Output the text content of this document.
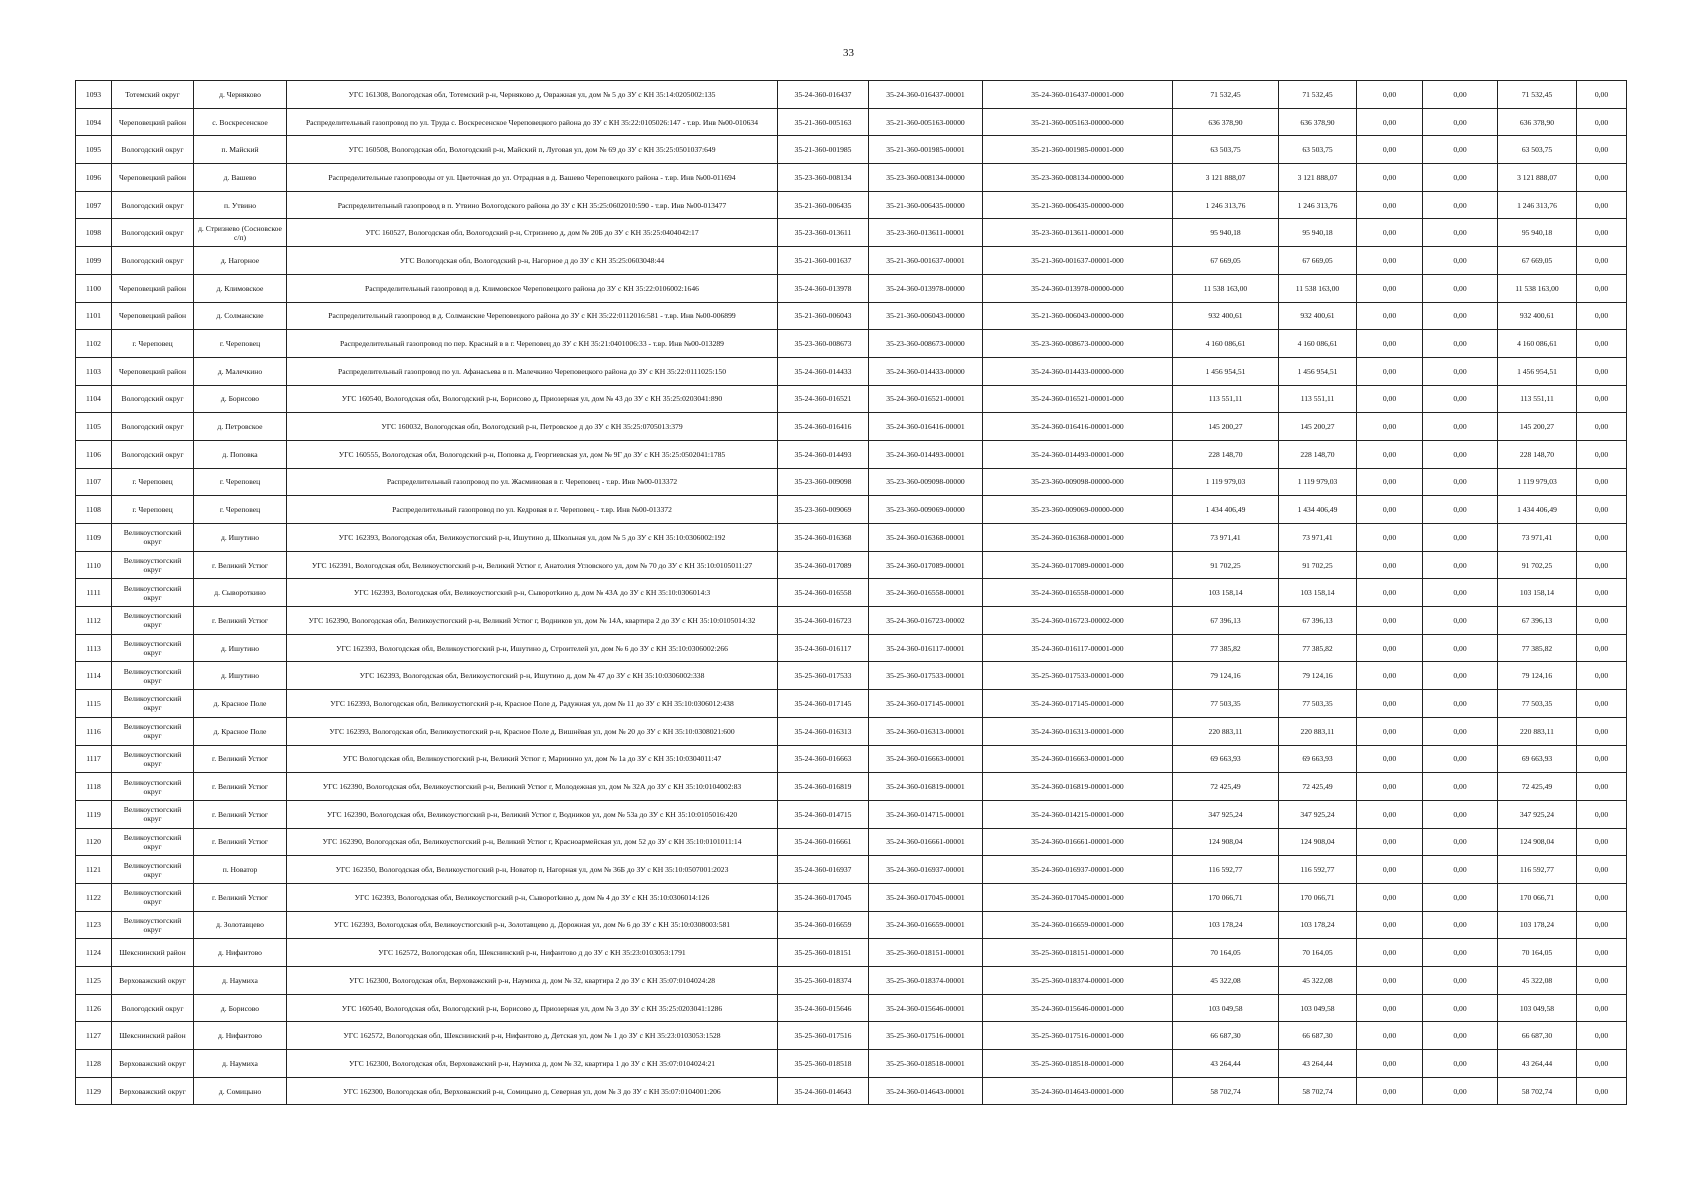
33
1093	Тотемский округ	д. Черняково	УГС 161308, Вологодская обл, Тотемский р-н, Черняково д, Овражная ул, дом № 5 до ЗУ с КН 35:14:0205002:135	35-24-360-016437	35-24-360-016437-00001	35-24-360-016437-00001-000	71 532,45	71 532,45	0,00	0,00	71 532,45	0,00
1094	Череповецкий район	с. Воскресенское	Распределительный газопровод по ул. Труда с. Воскресенское Череповецкого района до ЗУ с КН 35:22:0105026:147 - т.вр. Инв №00-010634	35-21-360-005163	35-21-360-005163-00000	35-21-360-005163-00000-000	636 378,90	636 378,90	0,00	0,00	636 378,90	0,00
1095	Вологодский округ	п. Майский	УГС 160508, Вологодская обл, Вологодский р-н, Майский п, Луговая ул, дом № 69 до ЗУ с КН 35:25:0501037:649	35-21-360-001985	35-21-360-001985-00001	35-21-360-001985-00001-000	63 503,75	63 503,75	0,00	0,00	63 503,75	0,00
1096	Череповецкий район	д. Вашево	Распределительные газопроводы от ул. Цветочная до ул. Отрадная в д. Вашево Череповецкого района - т.вр. Инв №00-011694	35-23-360-008134	35-23-360-008134-00000	35-23-360-008134-00000-000	3 121 888,07	3 121 888,07	0,00	0,00	3 121 888,07	0,00
1097	Вологодский округ	п. Утвино	Распределительный газопровод в п. Утвино Вологодского района до ЗУ с КН 35:25:0602010:590 - т.вр. Инв №00-013477	35-21-360-006435	35-21-360-006435-00000	35-21-360-006435-00000-000	1 246 313,76	1 246 313,76	0,00	0,00	1 246 313,76	0,00
1098	Вологодский округ	д. Стризнево (Сосновское с/п)	УГС 160527, Вологодская обл, Вологодский р-н, Стризнево д, дом № 20Б до ЗУ с КН 35:25:0404042:17	35-23-360-013611	35-23-360-013611-00001	35-23-360-013611-00001-000	95 940,18	95 940,18	0,00	0,00	95 940,18	0,00
1099	Вологодский округ	д. Нагорное	УГС Вологодская обл, Вологодский р-н, Нагорное д до ЗУ с КН 35:25:0603048:44	35-21-360-001637	35-21-360-001637-00001	35-21-360-001637-00001-000	67 669,05	67 669,05	0,00	0,00	67 669,05	0,00
1100	Череповецкий район	д. Климовское	Распределительный газопровод в д. Климовское Череповецкого района до ЗУ с КН 35:22:0106002:1646	35-24-360-013978	35-24-360-013978-00000	35-24-360-013978-00000-000	11 538 163,00	11 538 163,00	0,00	0,00	11 538 163,00	0,00
1101	Череповецкий район	д. Солманские	Распределительный газопровод в д. Солманские Череповецкого района до ЗУ с КН 35:22:0112016:581 - т.вр. Инв №00-006899	35-21-360-006043	35-21-360-006043-00000	35-21-360-006043-00000-000	932 400,61	932 400,61	0,00	0,00	932 400,61	0,00
1102	г. Череповец	г. Череповец	Распределительный газопровод по пер. Красный в в г. Череповец до ЗУ с КН 35:21:0401006:33 - т.вр. Инв №00-013289	35-23-360-008673	35-23-360-008673-00000	35-23-360-008673-00000-000	4 160 086,61	4 160 086,61	0,00	0,00	4 160 086,61	0,00
1103	Череповецкий район	д. Малечкино	Распределительный газопровод по ул. Афанасьева в п. Малечкино Череповецкого района до ЗУ с КН 35:22:0111025:150	35-24-360-014433	35-24-360-014433-00000	35-24-360-014433-00000-000	1 456 954,51	1 456 954,51	0,00	0,00	1 456 954,51	0,00
1104	Вологодский округ	д. Борисово	УГС 160540, Вологодская обл, Вологодский р-н, Борисово д, Приозерная ул, дом № 43 до ЗУ с КН 35:25:0203041:890	35-24-360-016521	35-24-360-016521-00001	35-24-360-016521-00001-000	113 551,11	113 551,11	0,00	0,00	113 551,11	0,00
1105	Вологодский округ	д. Петровское	УГС 160032, Вологодская обл, Вологодский р-н, Петровское д до ЗУ с КН 35:25:0705013:379	35-24-360-016416	35-24-360-016416-00001	35-24-360-016416-00001-000	145 200,27	145 200,27	0,00	0,00	145 200,27	0,00
1106	Вологодский округ	д. Поповка	УГС 160555, Вологодская обл, Вологодский р-н, Поповка д, Георгиевская ул, дом № 9Г до ЗУ с КН 35:25:0502041:1785	35-24-360-014493	35-24-360-014493-00001	35-24-360-014493-00001-000	228 148,70	228 148,70	0,00	0,00	228 148,70	0,00
1107	г. Череповец	г. Череповец	Распределительный газопровод по ул. Жасминовая в г. Череповец - т.вр. Инв №00-013372	35-23-360-009098	35-23-360-009098-00000	35-23-360-009098-00000-000	1 119 979,03	1 119 979,03	0,00	0,00	1 119 979,03	0,00
1108	г. Череповец	г. Череповец	Распределительный газопровод по ул. Кедровая в г. Череповец - т.вр. Инв №00-013372	35-23-360-009069	35-23-360-009069-00000	35-23-360-009069-00000-000	1 434 406,49	1 434 406,49	0,00	0,00	1 434 406,49	0,00
1109	Великоустюгский округ	д. Ишутино	УГС 162393, Вологодская обл, Великоустюгский р-н, Ишутино д, Школьная ул, дом № 5 до ЗУ с КН 35:10:0306002:192	35-24-360-016368	35-24-360-016368-00001	35-24-360-016368-00001-000	73 971,41	73 971,41	0,00	0,00	73 971,41	0,00
1110	Великоустюгский округ	г. Великий Устюг	УГС 162391, Вологодская обл, Великоустюгский р-н, Великий Устюг г, Анатолия Угловского ул, дом № 70 до ЗУ с КН 35:10:0105011:27	35-24-360-017089	35-24-360-017089-00001	35-24-360-017089-00001-000	91 702,25	91 702,25	0,00	0,00	91 702,25	0,00
1111	Великоустюгский округ	д. Сывороткино	УГС 162393, Вологодская обл, Великоустюгский р-н, Сыворотkино д, дом № 43А до ЗУ с КН 35:10:0306014:3	35-24-360-016558	35-24-360-016558-00001	35-24-360-016558-00001-000	103 158,14	103 158,14	0,00	0,00	103 158,14	0,00
1112	Великоустюгский округ	г. Великий Устюг	УГС 162390, Вологодская обл, Великоустюгский р-н, Великий Устюг г, Водников ул, дом № 14А, квартира 2 до ЗУ с КН 35:10:0105014:32	35-24-360-016723	35-24-360-016723-00002	35-24-360-016723-00002-000	67 396,13	67 396,13	0,00	0,00	67 396,13	0,00
1113	Великоустюгский округ	д. Ишутино	УГС 162393, Вологодская обл, Великоустюгский р-н, Ишутино д, Строителей ул, дом № 6 до ЗУ с КН 35:10:0306002:266	35-24-360-016117	35-24-360-016117-00001	35-24-360-016117-00001-000	77 385,82	77 385,82	0,00	0,00	77 385,82	0,00
1114	Великоустюгский округ	д. Ишутино	УГС 162393, Вологодская обл, Великоустюгский р-н, Ишутино д, дом № 47 до ЗУ с КН 35:10:0306002:338	35-25-360-017533	35-25-360-017533-00001	35-25-360-017533-00001-000	79 124,16	79 124,16	0,00	0,00	79 124,16	0,00
1115	Великоустюгский округ	д. Красное Поле	УГС 162393, Вологодская обл, Великоустюгский р-н, Красное Поле д, Радужная ул, дом № 11 до ЗУ с КН 35:10:0306012:438	35-24-360-017145	35-24-360-017145-00001	35-24-360-017145-00001-000	77 503,35	77 503,35	0,00	0,00	77 503,35	0,00
1116	Великоустюгский округ	д. Красное Поле	УГС 162393, Вологодская обл, Великоустюгский р-н, Красное Поле д, Вишнёвая ул, дом № 20 до ЗУ с КН 35:10:0308021:600	35-24-360-016313	35-24-360-016313-00001	35-24-360-016313-00001-000	220 883,11	220 883,11	0,00	0,00	220 883,11	0,00
1117	Великоустюгский округ	г. Великий Устюг	УГС Вологодская обл, Великоустюгский р-н, Великий Устюг г, Мариинно ул, дом № 1а до ЗУ с КН 35:10:0304011:47	35-24-360-016663	35-24-360-016663-00001	35-24-360-016663-00001-000	69 663,93	69 663,93	0,00	0,00	69 663,93	0,00
1118	Великоустюгский округ	г. Великий Устюг	УГС 162390, Вологодская обл, Великоустюгский р-н, Великий Устюг г, Молодежная ул, дом № 32А до ЗУ с КН 35:10:0104002:83	35-24-360-016819	35-24-360-016819-00001	35-24-360-016819-00001-000	72 425,49	72 425,49	0,00	0,00	72 425,49	0,00
1119	Великоустюгский округ	г. Великий Устюг	УГС 162390, Вологодская обл, Великоустюгский р-н, Великий Устюг г, Водников ул, дом № 53а до ЗУ с КН 35:10:0105016:420	35-24-360-014715	35-24-360-014715-00001	35-24-360-014215-00001-000	347 925,24	347 925,24	0,00	0,00	347 925,24	0,00
1120	Великоустюгский округ	г. Великий Устюг	УГС 162390, Вологодская обл, Великоустюгский р-н, Великий Устюг г, Красноармейская ул, дом 52 до ЗУ с КН 35:10:0101011:14	35-24-360-016661	35-24-360-016661-00001	35-24-360-016661-00001-000	124 908,04	124 908,04	0,00	0,00	124 908,04	0,00
1121	Великоустюгский округ	п. Новатор	УГС 162350, Вологодская обл, Великоустюгский р-н, Новатор п, Нагорная ул, дом № 36Б до ЗУ с КН 35:10:0507001:2023	35-24-360-016937	35-24-360-016937-00001	35-24-360-016937-00001-000	116 592,77	116 592,77	0,00	0,00	116 592,77	0,00
1122	Великоустюгский округ	г. Великий Устюг	УГС 162393, Вологодская обл, Великоустюгский р-н, Сыворотkино д, дом № 4 до ЗУ с КН 35:10:0306014:126	35-24-360-017045	35-24-360-017045-00001	35-24-360-017045-00001-000	170 066,71	170 066,71	0,00	0,00	170 066,71	0,00
1123	Великоустюгский округ	д. Золотавцево	УГС 162393, Вологодская обл, Великоустюгский р-н, Золотавцево д, Дорожная ул, дом № 6 до ЗУ с КН 35:10:0308003:581	35-24-360-016659	35-24-360-016659-00001	35-24-360-016659-00001-000	103 178,24	103 178,24	0,00	0,00	103 178,24	0,00
1124	Шекснинский район	д. Нифантово	УГС 162572, Вологодская обл, Шекснинский р-н, Нифантово д до ЗУ с КН 35:23:0103053:1791	35-25-360-018151	35-25-360-018151-00001	35-25-360-018151-00001-000	70 164,05	70 164,05	0,00	0,00	70 164,05	0,00
1125	Верховажский округ	д. Наумиха	УГС 162300, Вологодская обл, Верховажский р-н, Наумиха д, дом № 32, квартира 2 до ЗУ с КН 35:07:0104024:28	35-25-360-018374	35-25-360-018374-00001	35-25-360-018374-00001-000	45 322,08	45 322,08	0,00	0,00	45 322,08	0,00
1126	Вологодский округ	д. Борисово	УГС 160540, Вологодская обл, Вологодский р-н, Борисово д, Приозерная ул, дом № 3 до ЗУ с КН 35:25:0203041:1286	35-24-360-015646	35-24-360-015646-00001	35-24-360-015646-00001-000	103 049,58	103 049,58	0,00	0,00	103 049,58	0,00
1127	Шекснинский район	д. Нифантово	УГС 162572, Вологодская обл, Шекснинский р-н, Нифантово д, Детская ул, дом № 1 до ЗУ с КН 35:23:0103053:1528	35-25-360-017516	35-25-360-017516-00001	35-25-360-017516-00001-000	66 687,30	66 687,30	0,00	0,00	66 687,30	0,00
1128	Верховажский округ	д. Наумиха	УГС 162300, Вологодская обл, Верховажский р-н, Наумиха д, дом № 32, квартира 1 до ЗУ с КН 35:07:0104024:21	35-25-360-018518	35-25-360-018518-00001	35-25-360-018518-00001-000	43 264,44	43 264,44	0,00	0,00	43 264,44	0,00
1129	Верховажский округ	д. Сомицыно	УГС 162300, Вологодская обл, Верховажский р-н, Сомицыно д, Северная ул, дом № 3 до ЗУ с КН 35:07:0104001:206	35-24-360-014643	35-24-360-014643-00001	35-24-360-014643-00001-000	58 702,74	58 702,74	0,00	0,00	58 702,74	0,00
